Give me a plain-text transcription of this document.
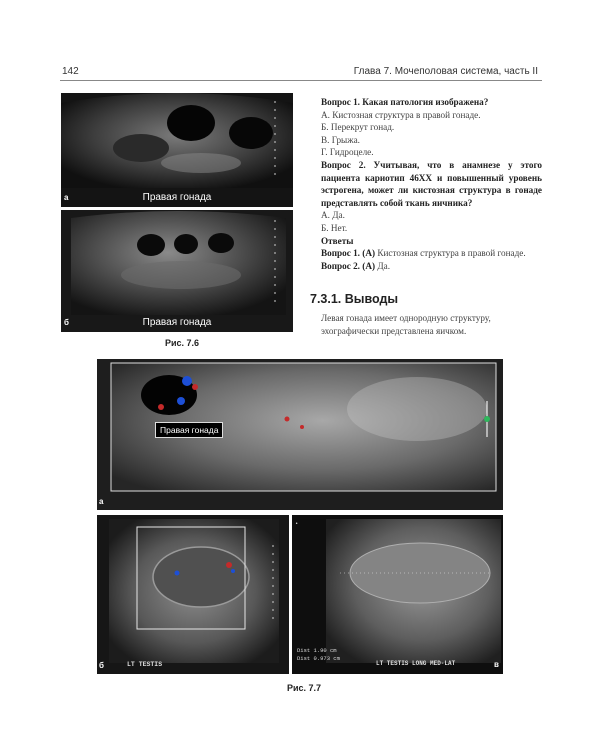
142	Глава 7. Мочеполовая система, часть II
а	Правая гонада
б	Правая гонада
Рис. 7.6

Вопрос 1. Какая патология изображена?

А. Кистозная структура в правой гонаде.

Б. Перекрут гонад.

В. Грыжа.

Г. Гидроцеле.

Вопрос 2. Учитывая, что в анамнезе у этого пациента кариотип 46XX и повышенный уровень эстрогена, может ли кистозная структура в гонаде представлять собой ткань яичника?

А. Да.

Б. Нет.

Ответы

Вопрос 1. (А) Кистозная структура в правой гонаде.

Вопрос 2. (А) Да.

7.3.1. Выводы
Левая гонада имеет однородную структуру, эхографически представлена яичком.
Правая гонада
а
LT TESTIS
б
•
Dist 1.90 cm
Dist 0.973 cm
LT TESTIS LONG MED-LAT	в
Рис. 7.7
